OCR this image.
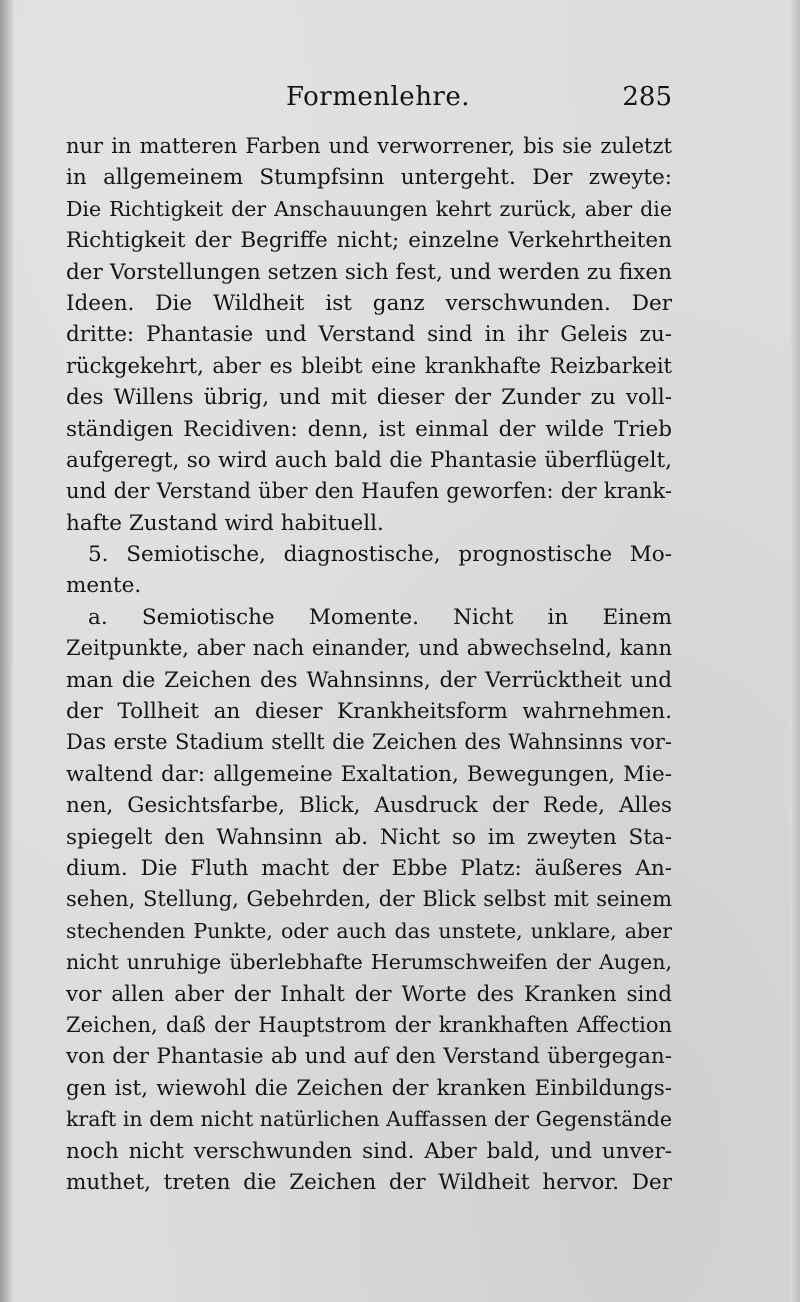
Formenlehre.	285
nur in matteren Farben und verworrener, bis sie zuletzt
in allgemeinem Stumpfsinn untergeht. Der zweyte:
Die Richtigkeit der Anschauungen kehrt zurück, aber die
Richtigkeit der Begriffe nicht; einzelne Verkehrtheiten
der Vorstellungen setzen sich fest, und werden zu fixen
Ideen. Die Wildheit ist ganz verschwunden. Der
dritte: Phantasie und Verstand sind in ihr Geleis zu-
rückgekehrt, aber es bleibt eine krankhafte Reizbarkeit
des Willens übrig, und mit dieser der Zunder zu voll-
ständigen Recidiven: denn, ist einmal der wilde Trieb
aufgeregt, so wird auch bald die Phantasie überflügelt,
und der Verstand über den Haufen geworfen: der krank-
hafte Zustand wird habituell.
5. Semiotische, diagnostische, prognostische Mo-
mente.
a. Semiotische Momente. Nicht in Einem
Zeitpunkte, aber nach einander, und abwechselnd, kann
man die Zeichen des Wahnsinns, der Verrücktheit und
der Tollheit an dieser Krankheitsform wahrnehmen.
Das erste Stadium stellt die Zeichen des Wahnsinns vor-
waltend dar: allgemeine Exaltation, Bewegungen, Mie-
nen, Gesichtsfarbe, Blick, Ausdruck der Rede, Alles
spiegelt den Wahnsinn ab. Nicht so im zweyten Sta-
dium. Die Fluth macht der Ebbe Platz: äußeres An-
sehen, Stellung, Gebehrden, der Blick selbst mit seinem
stechenden Punkte, oder auch das unstete, unklare, aber
nicht unruhige überlebhafte Herumschweifen der Augen,
vor allen aber der Inhalt der Worte des Kranken sind
Zeichen, daß der Hauptstrom der krankhaften Affection
von der Phantasie ab und auf den Verstand übergegan-
gen ist, wiewohl die Zeichen der kranken Einbildungs-
kraft in dem nicht natürlichen Auffassen der Gegenstände
noch nicht verschwunden sind. Aber bald, und unver-
muthet, treten die Zeichen der Wildheit hervor. Der
